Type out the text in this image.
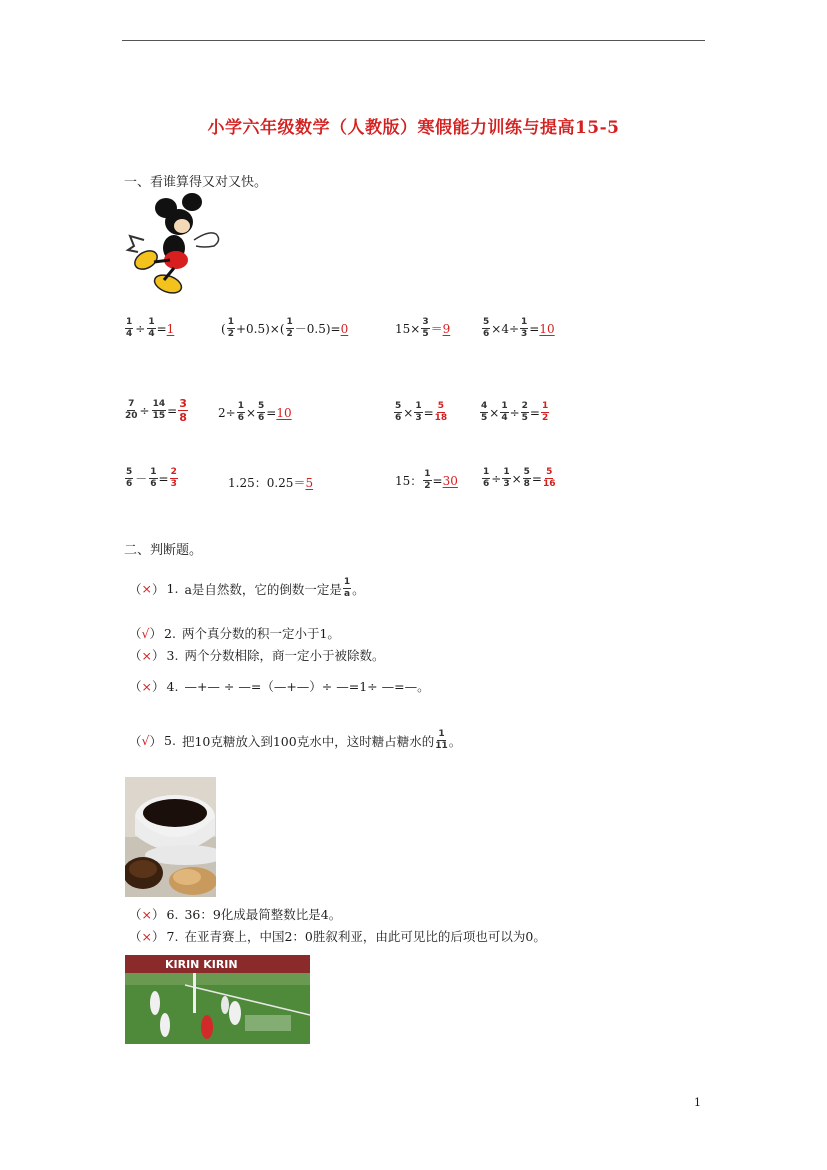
小学六年级数学（人教版）寒假能力训练与提高15-5
一、看谁算得又对又快。
$\frac{1}{4} \div \frac{1}{4} = 1$	( $\frac{1}{2} +0.5)\times( \frac{1}{2} -0.5)= 0$	$15\times \frac{3}{5} = 9$	$\frac{5}{6} \times 4\div \frac{1}{3} = 10$
$\frac{7}{20} \div \frac{14}{15} = \frac{3}{8}$	$2\div \frac{1}{6} \times \frac{5}{6} = 10$	$\frac{5}{6} \times \frac{1}{3} = \frac{5}{18}$	$\frac{4}{5} \times \frac{1}{4} \div \frac{2}{5} = \frac{1}{2}$
$\frac{5}{6} - \frac{1}{6} = \frac{2}{3}$	1.25：0.25＝ 5	15： $\frac{1}{2} = 30$	$\frac{1}{6} \div \frac{1}{3} \times \frac{5}{8} = \frac{5}{16}$
二、判断题。
（ × ） 1. a是自然数，它的倒数一定是 $\frac{1}{a}$ 。
（ √ ） 2. 两个真分数的积一定小于1。
（ × ） 3. 两个分数相除，商一定小于被除数。
（ × ） 4. —+— ÷ —=（—+—）÷ —=1÷ —=—。
（ √ ） 5. 把10克糖放入到100克水中，这时糖占糖水的 $\frac{1}{11}$ 。
（ × ） 6. 36：9化成最简整数比是4。
（ × ） 7. 在亚青赛上，中国2：0胜叙利亚，由此可见比的后项也可以为0。
KIRIN KIRIN
1
